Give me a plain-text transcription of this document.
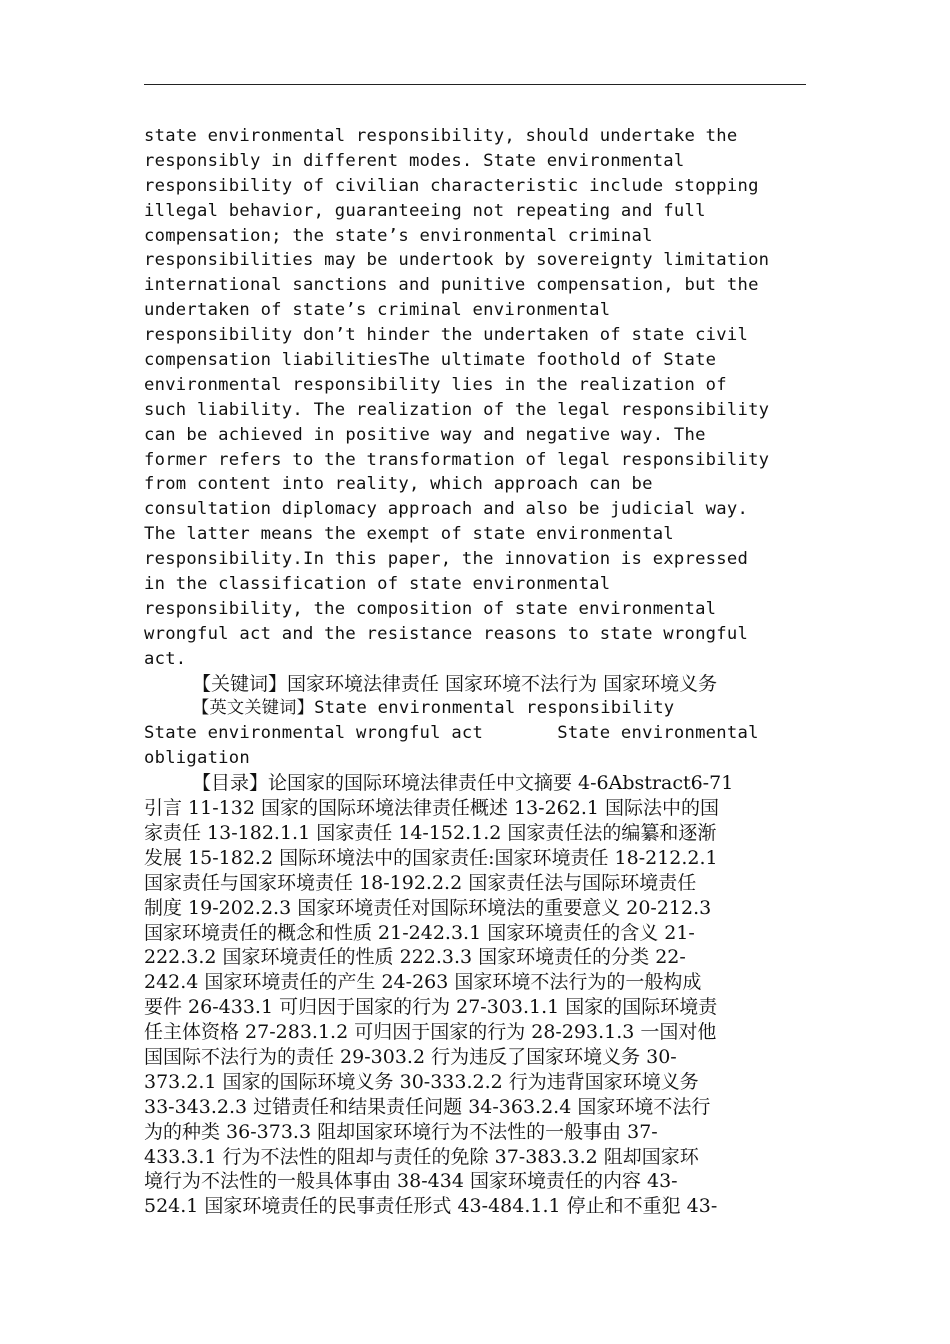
state environmental responsibility, should undertake the
responsibly in different modes. State environmental
responsibility of civilian characteristic include stopping
illegal behavior, guaranteeing not repeating and full
compensation; the state’s environmental criminal
responsibilities may be undertook by sovereignty limitation
international sanctions and punitive compensation, but the
undertaken of state’s criminal environmental
responsibility don’t hinder the undertaken of state civil
compensation liabilitiesThe ultimate foothold of State
environmental responsibility lies in the realization of
such liability. The realization of the legal responsibility
can be achieved in positive way and negative way. The
former refers to the transformation of legal responsibility
from content into reality, which approach can be
consultation diplomacy approach and also be judicial way.
The latter means the exempt of state environmental
responsibility.In this paper, the innovation is expressed
in the classification of state environmental
responsibility, the composition of state environmental
wrongful act and the resistance reasons to state wrongful
act.
【关键词】国家环境法律责任 国家环境不法行为 国家环境义务
【英文关键词】State environmental responsibility
State environmental wrongful act       State environmental
obligation
【目录】论国家的国际环境法律责任中文摘要 4-6Abstract6-71
引言 11-132 国家的国际环境法律责任概述 13-262.1 国际法中的国
家责任 13-182.1.1 国家责任 14-152.1.2 国家责任法的编纂和逐渐
发展 15-182.2 国际环境法中的国家责任:国家环境责任 18-212.2.1
国家责任与国家环境责任 18-192.2.2 国家责任法与国际环境责任
制度 19-202.2.3 国家环境责任对国际环境法的重要意义 20-212.3
国家环境责任的概念和性质 21-242.3.1 国家环境责任的含义 21-
222.3.2 国家环境责任的性质 222.3.3 国家环境责任的分类 22-
242.4 国家环境责任的产生 24-263 国家环境不法行为的一般构成
要件 26-433.1 可归因于国家的行为 27-303.1.1 国家的国际环境责
任主体资格 27-283.1.2 可归因于国家的行为 28-293.1.3 一国对他
国国际不法行为的责任 29-303.2 行为违反了国家环境义务 30-
373.2.1 国家的国际环境义务 30-333.2.2 行为违背国家环境义务
33-343.2.3 过错责任和结果责任问题 34-363.2.4 国家环境不法行
为的种类 36-373.3 阻却国家环境行为不法性的一般事由 37-
433.3.1 行为不法性的阻却与责任的免除 37-383.3.2 阻却国家环
境行为不法性的一般具体事由 38-434 国家环境责任的内容 43-
524.1 国家环境责任的民事责任形式 43-484.1.1 停止和不重犯 43-
